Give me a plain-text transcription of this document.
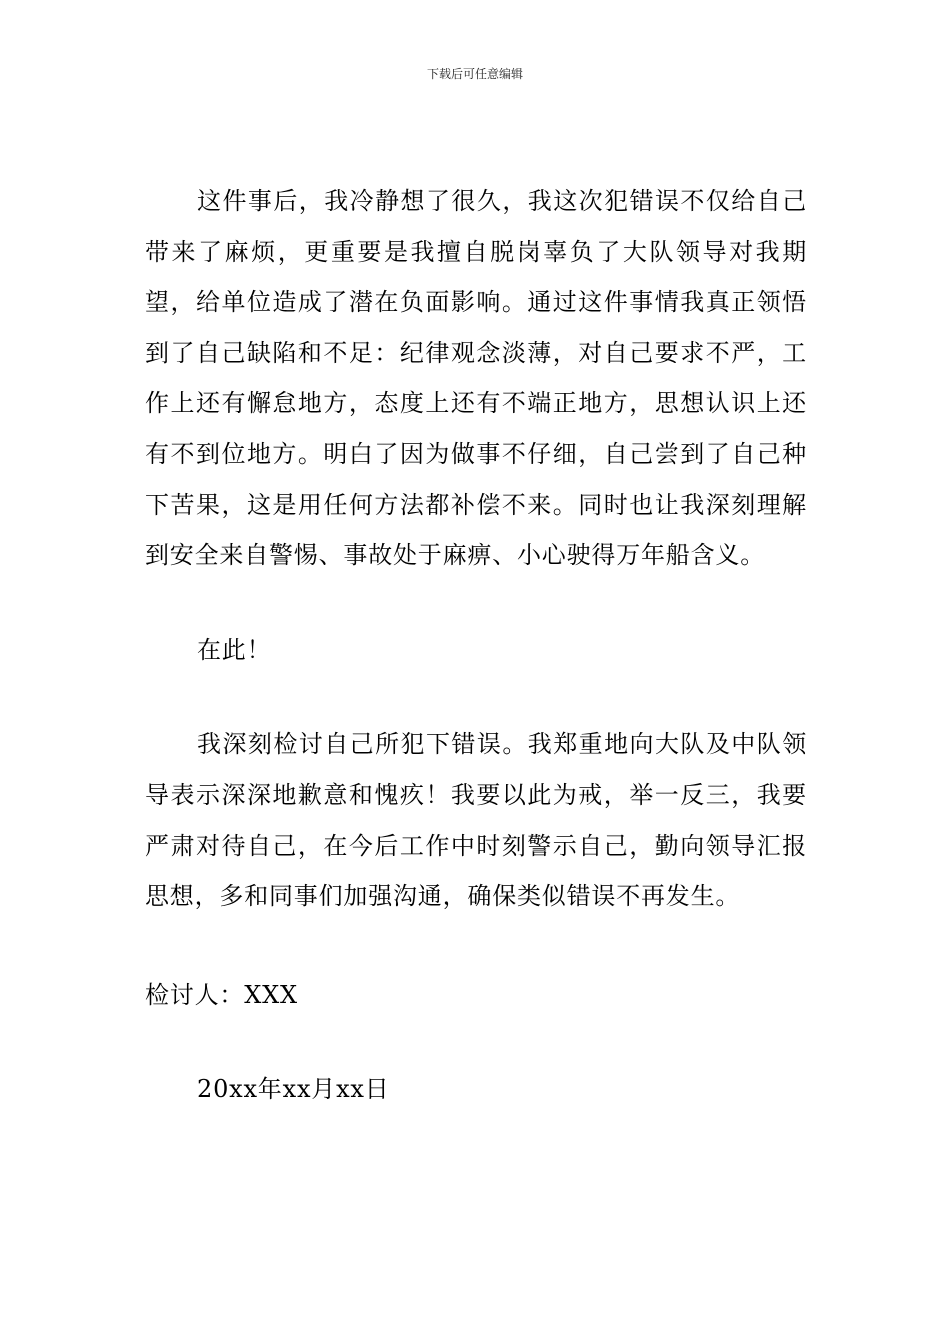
下载后可任意编辑

这件事后，我冷静想了很久，我这次犯错误不仅给自己带来了麻烦，更重要是我擅自脱岗辜负了大队领导对我期望，给单位造成了潜在负面影响。通过这件事情我真正领悟到了自己缺陷和不足：纪律观念淡薄，对自己要求不严，工作上还有懈怠地方，态度上还有不端正地方，思想认识上还有不到位地方。明白了因为做事不仔细，自己尝到了自己种下苦果，这是用任何方法都补偿不来。同时也让我深刻理解到安全来自警惕、事故处于麻痹、小心驶得万年船含义。

在此！

我深刻检讨自己所犯下错误。我郑重地向大队及中队领导表示深深地歉意和愧疚！我要以此为戒，举一反三，我要严肃对待自己，在今后工作中时刻警示自己，勤向领导汇报思想，多和同事们加强沟通，确保类似错误不再发生。

检讨人：XXX

20xx年xx月xx日
